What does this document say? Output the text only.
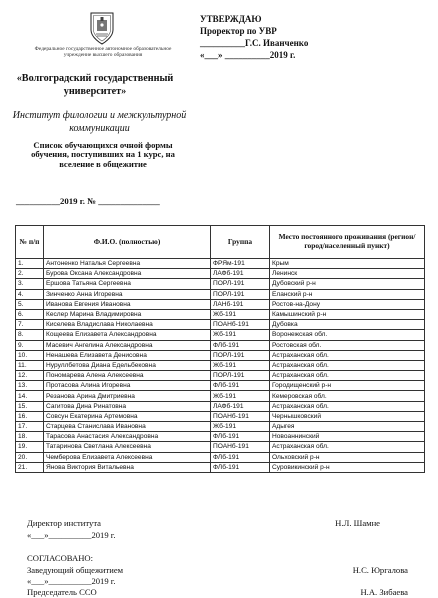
Федеральное государственное автономное образовательное учреждение высшего образования
«Волгоградский государственный университет»
Институт филологии и межкультурной коммуникации
Список обучающихся очной формы обучения, поступивших на 1 курс, на вселение в общежитие
__________2019 г. № ______________
УТВЕРЖДАЮ
Проректор по УВР
__________Г.С. Иванченко
«___» __________2019 г.
№ п/п	Ф.И.О. (полностью)	Группа	Место постоянного проживания (регион/город/населенный пункт)
1.	Антоненко Наталья Сергеевна	ФРЯм-191	Крым
2.	Бурова Оксана Александровна	ЛАФб-191	Ленинск
3.	Ершова Татьяна Сергеевна	ПОРЛ-191	Дубовский р-н
4.	Зинченко Анна Игоревна	ПОРЛ-191	Еланский р-н
5.	Иванова Евгения Ивановна	ЛАНб-191	Ростов-на-Дону
6.	Кеслер Марина Владимировна	Жб-191	Камышинский р-н
7.	Киселева Владислава Николаевна	ПОАНб-191	Дубовка
8.	Кощеева Елизавета Александровна	Жб-191	Воронежская обл.
9.	Масевич Ангелина Александровна	ФЛб-191	Ростовская обл.
10.	Ненашева Елизавета Денисовна	ПОРЛ-191	Астраханская обл.
11.	Нуруллбетова Диана Едельбековна	Жб-191	Астраханская обл.
12.	Пономарева Алена Алексеевна	ПОРЛ-191	Астраханская обл.
13.	Протасова Алина Игоревна	ФЛб-191	Городищенский р-н
14.	Резанова Арина Дмитриевна	Жб-191	Кемеровская обл.
15.	Сагитова Дина Ринатовна	ЛАФб-191	Астраханская обл.
16.	Совсун Екатерина Артемовна	ПОАНб-191	Чернышковский
17.	Старцева Станислава Ивановна	Жб-191	Адыгея
18.	Тарасова Анастасия Александровна	ФЛб-191	Новоаннинский
19.	Татаринова Светлана Алексеевна	ПОАНб-191	Астраханская обл.
20.	Чемберова Елизавета Алексеевна	ФЛб-191	Ольховский р-н
21.	Янова Виктория Витальевна	ФЛб-191	Суровикинский р-н
Директор института	Н.Л. Шамне
«___»__________2019 г.
СОГЛАСОВАНО:
Заведующий общежитием	Н.С. Юргалова
«___»__________2019 г.
Председатель ССО	Н.А. Зибаева
